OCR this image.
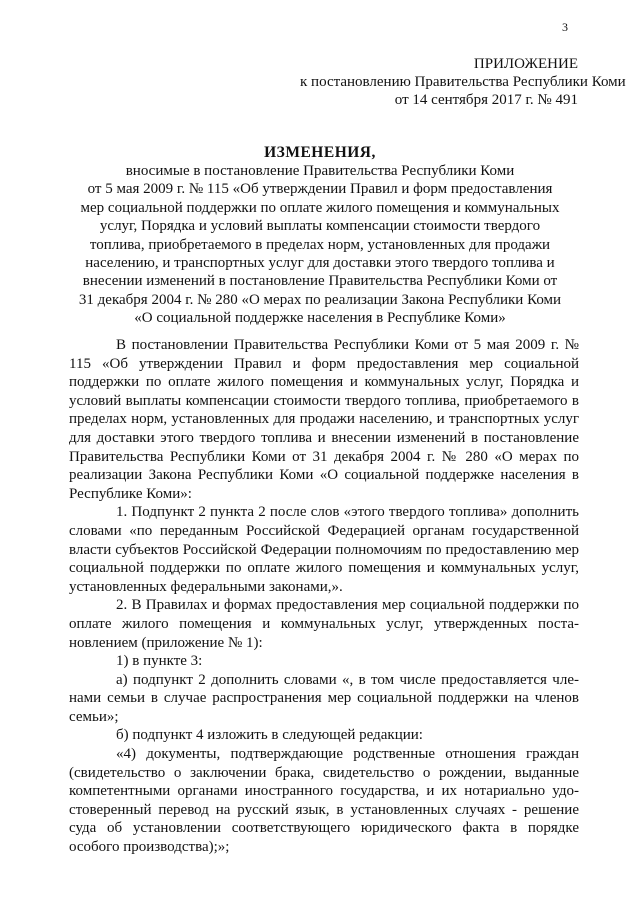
3
ПРИЛОЖЕНИЕ
к постановлению Правительства Республики Коми
от 14 сентября 2017 г. № 491
ИЗМЕНЕНИЯ,
вносимые в постановление Правительства Республики Коми
от 5 мая 2009 г. № 115 «Об утверждении Правил и форм предоставления
мер социальной поддержки по оплате жилого помещения и коммунальных
услуг, Порядка и условий выплаты компенсации стоимости твердого
топлива, приобретаемого в пределах норм, установленных для продажи
населению, и транспортных услуг для доставки этого твердого топлива и
внесении изменений в постановление Правительства Республики Коми от
31 декабря 2004 г. № 280 «О мерах по реализации Закона Республики Коми
«О социальной поддержке населения в Республике Коми»

В постановлении Правительства Республики Коми от 5 мая 2009 г. № 115 «Об утверждении Правил и форм предоставления мер социальной поддержки по оплате жилого помещения и коммунальных услуг, Порядка и условий выплаты компенсации стоимости твердого топлива, приобретаемого в пределах норм, установленных для продажи населению, и транспортных услуг для доставки этого твердого топлива и внесении изменений в постановление Правительства Республики Коми от 31 декабря 2004 г. № 280 «О мерах по реализации Закона Республики Коми «О социальной поддержке населения в Республике Коми»:

1. Подпункт 2 пункта 2 после слов «этого твердого топлива» дополнить словами «по переданным Российской Федерацией органам государственной власти субъектов Российской Федерации полномочиям по предоставлению мер социальной поддержки по оплате жилого помещения и коммунальных услуг, установленных федеральными законами,».

2. В Правилах и формах предоставления мер социальной поддержки по оплате жилого помещения и коммунальных услуг, утвержденных постановлением (приложение № 1):

1) в пункте 3:

а) подпункт 2 дополнить словами «, в том числе предоставляется членами семьи в случае распространения мер социальной поддержки на членов семьи»;

б) подпункт 4 изложить в следующей редакции:

«4) документы, подтверждающие родственные отношения граждан (свидетельство о заключении брака, свидетельство о рождении, выданные компетентными органами иностранного государства, и их нотариально удостоверенный перевод на русский язык, в установленных случаях - решение суда об установлении соответствующего юридического факта в порядке особого производства);»;
